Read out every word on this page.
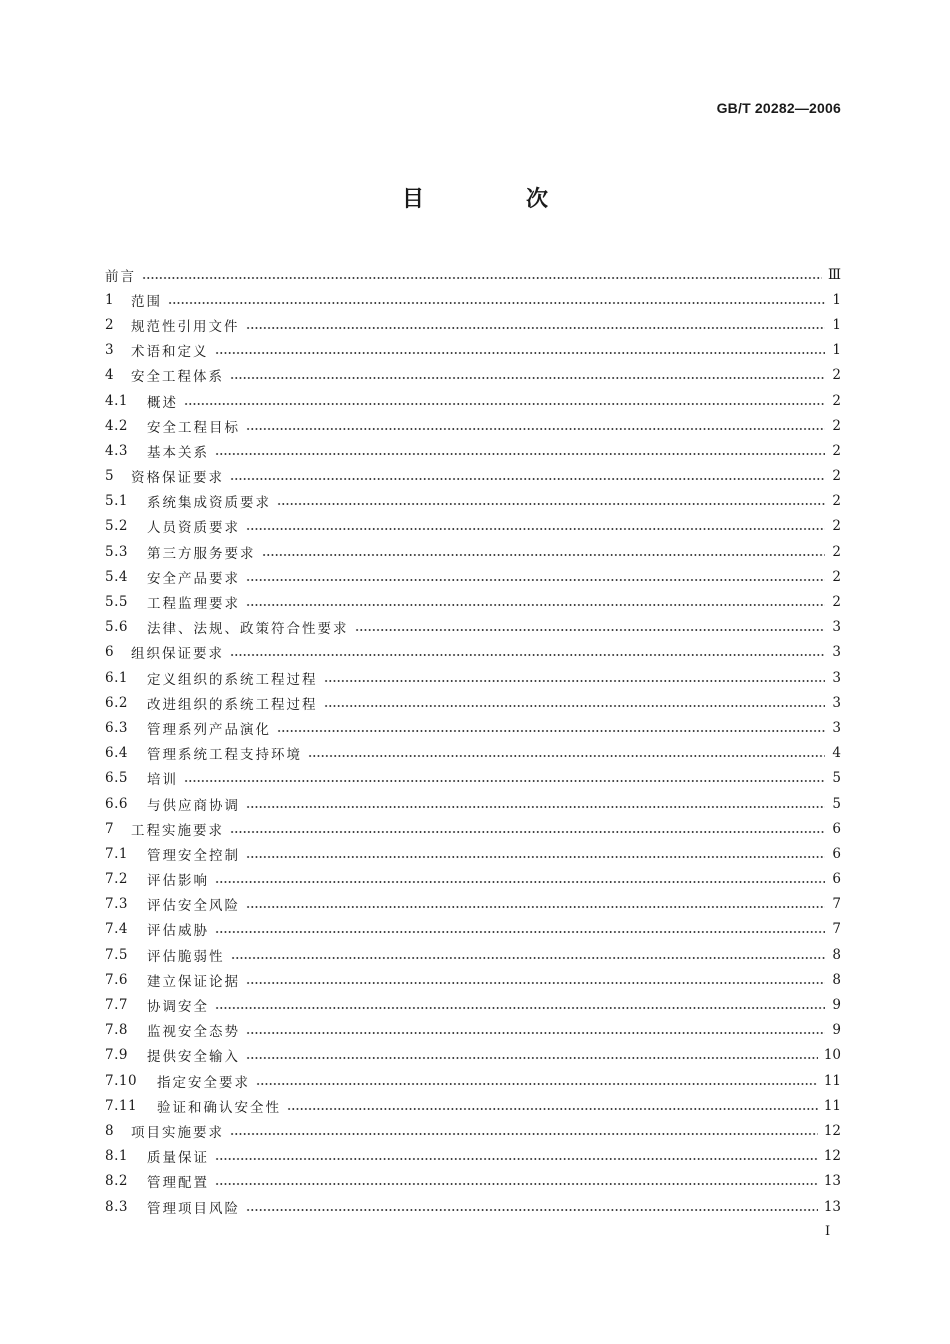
GB/T 20282—2006
目　次
前言	Ⅲ
1	范围	1
2	规范性引用文件	1
3	术语和定义	1
4	安全工程体系	2
4.1	概述	2
4.2	安全工程目标	2
4.3	基本关系	2
5	资格保证要求	2
5.1	系统集成资质要求	2
5.2	人员资质要求	2
5.3	第三方服务要求	2
5.4	安全产品要求	2
5.5	工程监理要求	2
5.6	法律、法规、政策符合性要求	3
6	组织保证要求	3
6.1	定义组织的系统工程过程	3
6.2	改进组织的系统工程过程	3
6.3	管理系列产品演化	3
6.4	管理系统工程支持环境	4
6.5	培训	5
6.6	与供应商协调	5
7	工程实施要求	6
7.1	管理安全控制	6
7.2	评估影响	6
7.3	评估安全风险	7
7.4	评估威胁	7
7.5	评估脆弱性	8
7.6	建立保证论据	8
7.7	协调安全	9
7.8	监视安全态势	9
7.9	提供安全输入	10
7.10	指定安全要求	11
7.11	验证和确认安全性	11
8	项目实施要求	12
8.1	质量保证	12
8.2	管理配置	13
8.3	管理项目风险	13
Ⅰ
